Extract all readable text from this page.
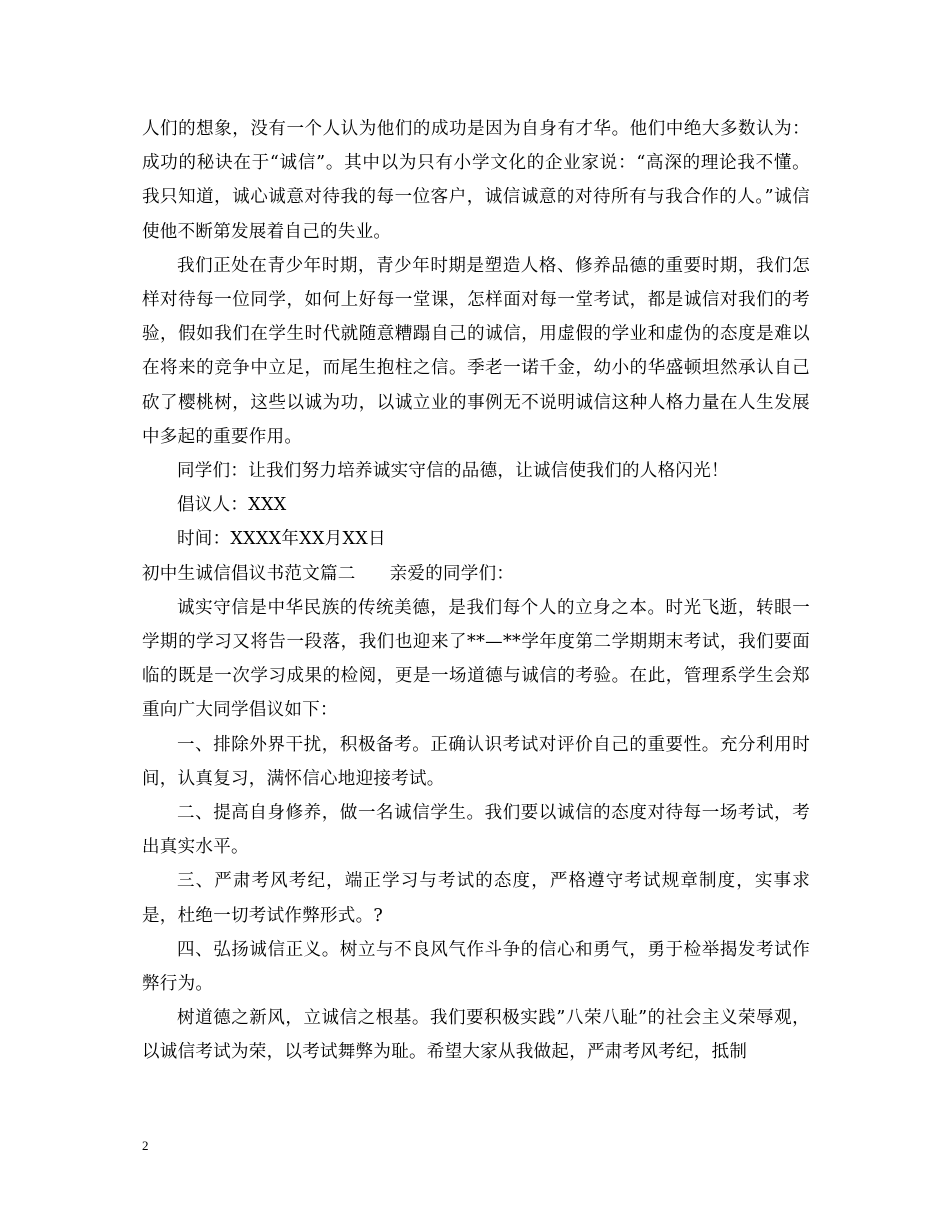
人们的想象，没有一个人认为他们的成功是因为自身有才华。他们中绝大多数认为：成功的秘诀在于“诚信”。其中以为只有小学文化的企业家说：“高深的理论我不懂。我只知道，诚心诚意对待我的每一位客户，诚信诚意的对待所有与我合作的人。”诚信使他不断第发展着自己的失业。

我们正处在青少年时期，青少年时期是塑造人格、修养品德的重要时期，我们怎样对待每一位同学，如何上好每一堂课，怎样面对每一堂考试，都是诚信对我们的考验，假如我们在学生时代就随意糟蹋自己的诚信，用虚假的学业和虚伪的态度是难以在将来的竞争中立足，而尾生抱柱之信。季老一诺千金，幼小的华盛顿坦然承认自己砍了樱桃树，这些以诚为功，以诚立业的事例无不说明诚信这种人格力量在人生发展中多起的重要作用。

同学们：让我们努力培养诚实守信的品德，让诚信使我们的人格闪光！

倡议人：XXX

时间：XXXX年XX月XX日

初中生诚信倡议书范文篇二 亲爱的同学们：

诚实守信是中华民族的传统美德，是我们每个人的立身之本。时光飞逝，转眼一学期的学习又将告一段落，我们也迎来了**—**学年度第二学期期末考试，我们要面临的既是一次学习成果的检阅，更是一场道德与诚信的考验。在此，管理系学生会郑重向广大同学倡议如下：

一、排除外界干扰，积极备考。正确认识考试对评价自己的重要性。充分利用时间，认真复习，满怀信心地迎接考试。

二、提高自身修养，做一名诚信学生。我们要以诚信的态度对待每一场考试，考出真实水平。

三、严肃考风考纪，端正学习与考试的态度，严格遵守考试规章制度，实事求是，杜绝一切考试作弊形式。?

四、弘扬诚信正义。树立与不良风气作斗争的信心和勇气，勇于检举揭发考试作弊行为。

树道德之新风，立诚信之根基。我们要积极实践”八荣八耻”的社会主义荣辱观，以诚信考试为荣，以考试舞弊为耻。希望大家从我做起，严肃考风考纪，抵制

2
